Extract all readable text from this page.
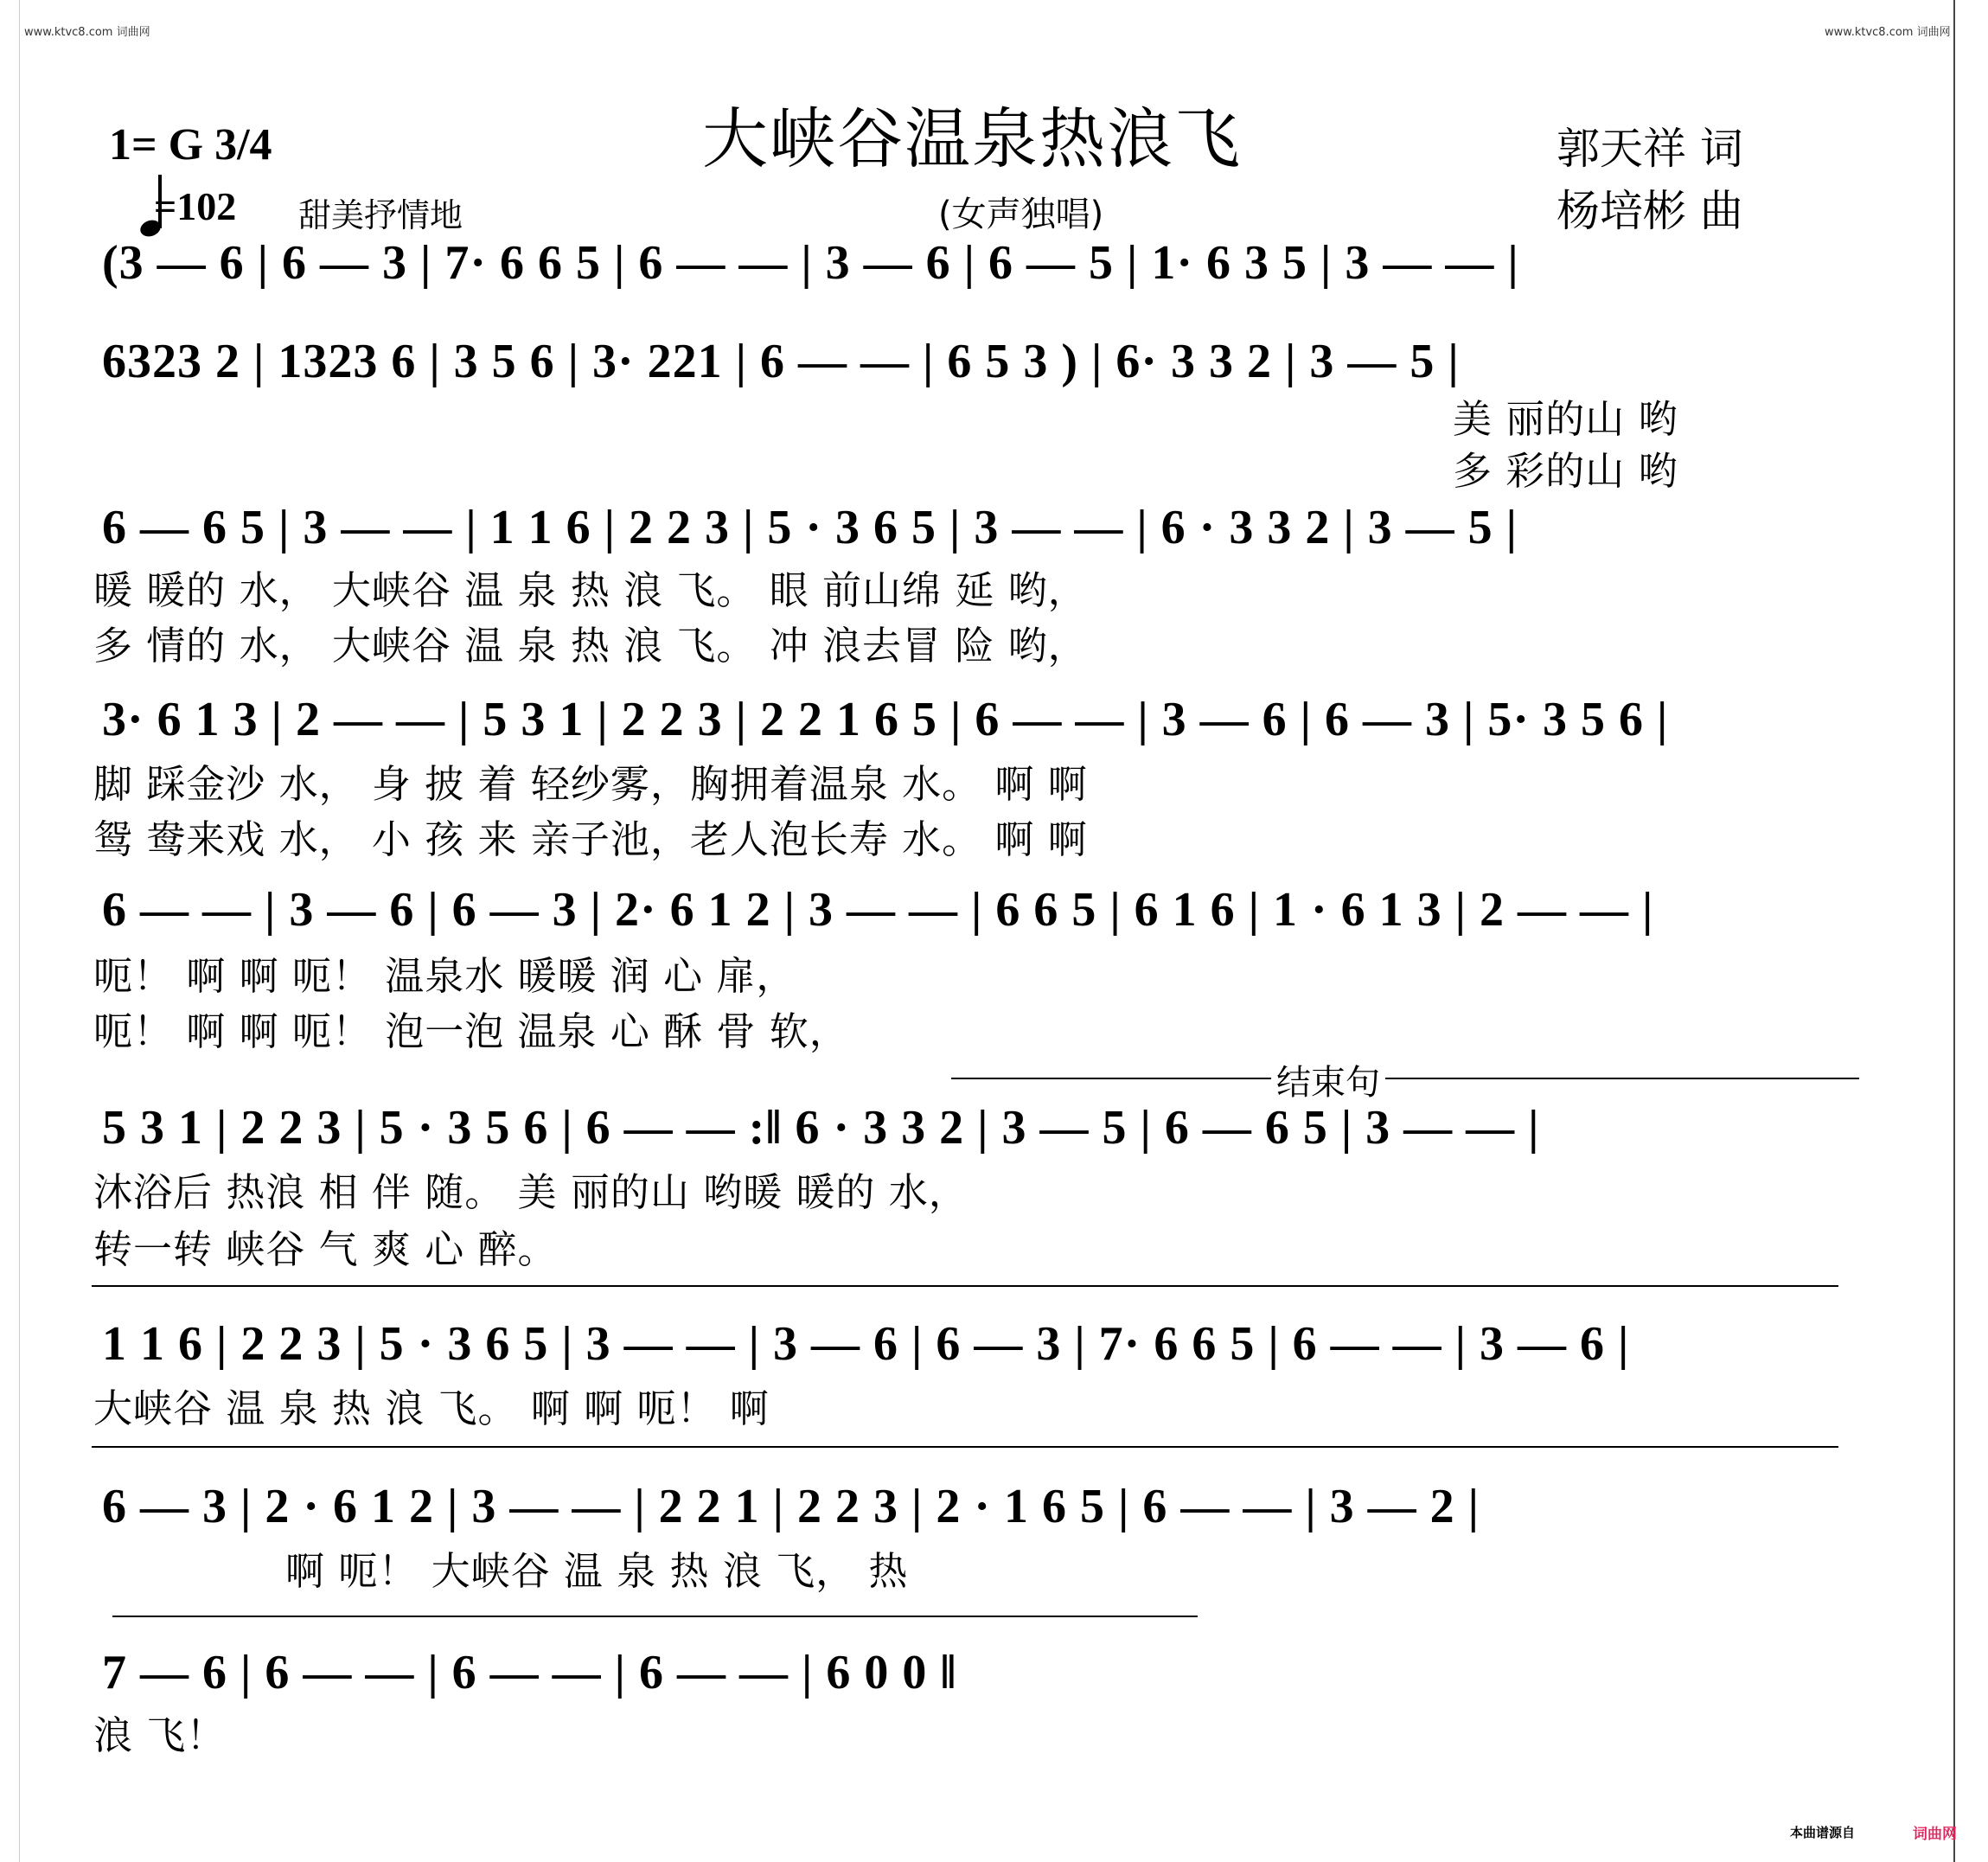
www.ktvc8.com 词曲网	www.ktvc8.com 词曲网
大峡谷温泉热浪飞
1= G 3/4
=102 甜美抒情地	(女声独唱)
郭天祥 词
杨培彬 曲
(3 — 6 | 6 — 3 | 7· 6 6 5 | 6 — — | 3 — 6 | 6 — 5 | 1· 6 3 5 | 3 — — |
6323 2 | 1323 6 | 3 5 6 | 3· 221 | 6 — — | 6 5 3 ) | 6· 3 3 2 | 3 — 5 |
美 丽的山 哟
多 彩的山 哟
6 — 6 5 | 3 — — | 1 1 6 | 2 2 3 | 5 · 3 6 5 | 3 — — | 6 · 3 3 2 | 3 — 5 |
暖 暖的 水， 大峡谷 温 泉 热 浪 飞。 眼 前山绵 延 哟，
多 情的 水， 大峡谷 温 泉 热 浪 飞。 冲 浪去冒 险 哟，
3· 6 1 3 | 2 — — | 5 3 1 | 2 2 3 | 2 2 1 6 5 | 6 — — | 3 — 6 | 6 — 3 | 5· 3 5 6 |
脚 踩金沙 水， 身 披 着 轻纱雾，胸拥着温泉 水。 啊 啊
鸳 鸯来戏 水， 小 孩 来 亲子池，老人泡长寿 水。 啊 啊
6 — — | 3 — 6 | 6 — 3 | 2· 6 1 2 | 3 — — | 6 6 5 | 6 1 6 | 1 · 6 1 3 | 2 — — |
呃！ 啊 啊 呃！ 温泉水 暖暖 润 心 扉，
呃！ 啊 啊 呃！ 泡一泡 温泉 心 酥 骨 软，
结束句
5 3 1 | 2 2 3 | 5 · 3 5 6 | 6 — — :‖ 6 · 3 3 2 | 3 — 5 | 6 — 6 5 | 3 — — |
沐浴后 热浪 相 伴 随。 美 丽的山 哟暖 暖的 水，
转一转 峡谷 气 爽 心 醉。
1 1 6 | 2 2 3 | 5 · 3 6 5 | 3 — — | 3 — 6 | 6 — 3 | 7· 6 6 5 | 6 — — | 3 — 6 |
大峡谷 温 泉 热 浪 飞。 啊 啊 呃！ 啊
6 — 3 | 2 · 6 1 2 | 3 — — | 2 2 1 | 2 2 3 | 2 · 1 6 5 | 6 — — | 3 — 2 |
啊 呃！ 大峡谷 温 泉 热 浪 飞， 热
7 — 6 | 6 — — | 6 — — | 6 — — | 6 0 0 ‖
浪 飞！
本曲谱源自	词曲网
